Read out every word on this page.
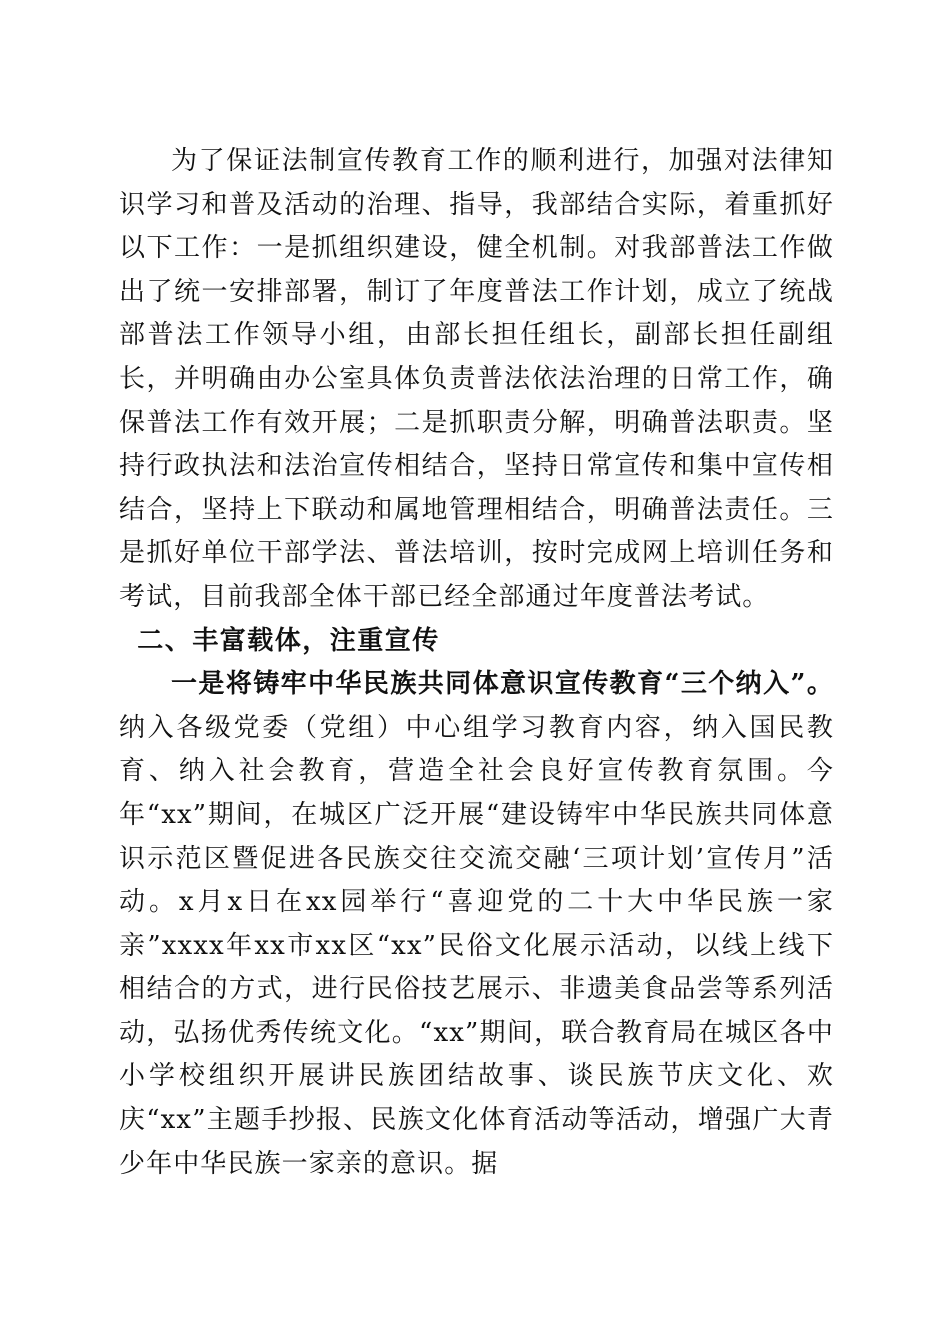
为了保证法制宣传教育工作的顺利进行，加强对法律知识学习和普及活动的治理、指导，我部结合实际，着重抓好以下工作：一是抓组织建设，健全机制。对我部普法工作做出了统一安排部署，制订了年度普法工作计划，成立了统战部普法工作领导小组，由部长担任组长，副部长担任副组长，并明确由办公室具体负责普法依法治理的日常工作，确保普法工作有效开展；二是抓职责分解，明确普法职责。坚持行政执法和法治宣传相结合，坚持日常宣传和集中宣传相结合，坚持上下联动和属地管理相结合，明确普法责任。三是抓好单位干部学法、普法培训，按时完成网上培训任务和考试，目前我部全体干部已经全部通过年度普法考试。

二、丰富载体，注重宣传

一是将铸牢中华民族共同体意识宣传教育“三个纳入”。纳入各级党委（党组）中心组学习教育内容，纳入国民教育、纳入社会教育，营造全社会良好宣传教育氛围。今年“xx”期间，在城区广泛开展“建设铸牢中华民族共同体意识示范区暨促进各民族交往交流交融‘三项计划’宣传月”活动。x月x日在xx园举行“喜迎党的二十大中华民族一家亲”xxxx年xx市xx区“xx”民俗文化展示活动，以线上线下相结合的方式，进行民俗技艺展示、非遗美食品尝等系列活动，弘扬优秀传统文化。“xx”期间，联合教育局在城区各中小学校组织开展讲民族团结故事、谈民族节庆文化、欢庆“xx”主题手抄报、民族文化体育活动等活动，增强广大青少年中华民族一家亲的意识。据
